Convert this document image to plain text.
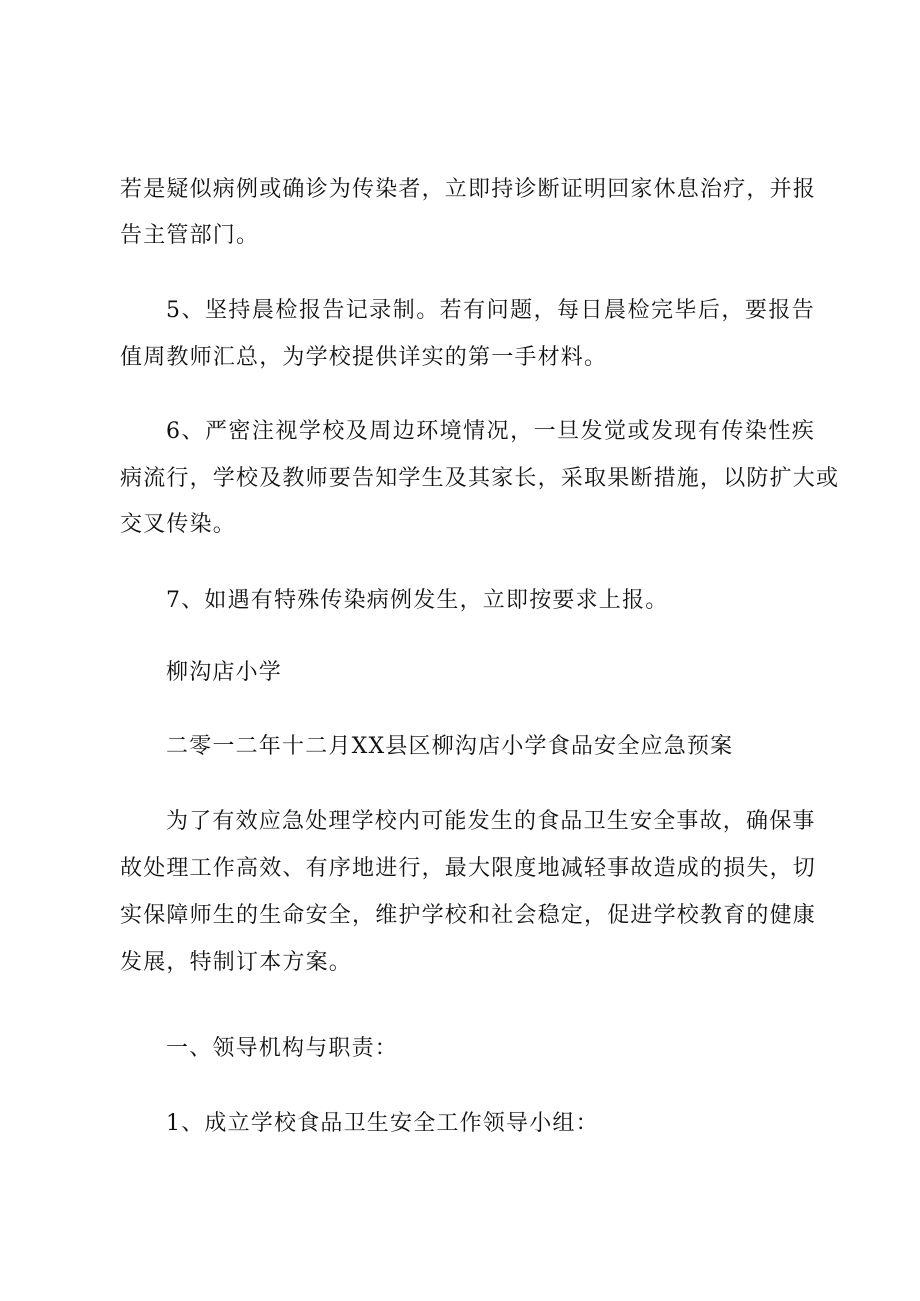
若是疑似病例或确诊为传染者，立即持诊断证明回家休息治疗，并报
告主管部门。
5、坚持晨检报告记录制。若有问题，每日晨检完毕后，要报告
值周教师汇总，为学校提供详实的第一手材料。
6、严密注视学校及周边环境情况，一旦发觉或发现有传染性疾
病流行，学校及教师要告知学生及其家长，采取果断措施，以防扩大或
交叉传染。
7、如遇有特殊传染病例发生，立即按要求上报。
柳沟店小学
二零一二年十二月XX县区柳沟店小学食品安全应急预案
为了有效应急处理学校内可能发生的食品卫生安全事故，确保事
故处理工作高效、有序地进行，最大限度地减轻事故造成的损失，切
实保障师生的生命安全，维护学校和社会稳定，促进学校教育的健康
发展，特制订本方案。
一、领导机构与职责：
1、成立学校食品卫生安全工作领导小组：
